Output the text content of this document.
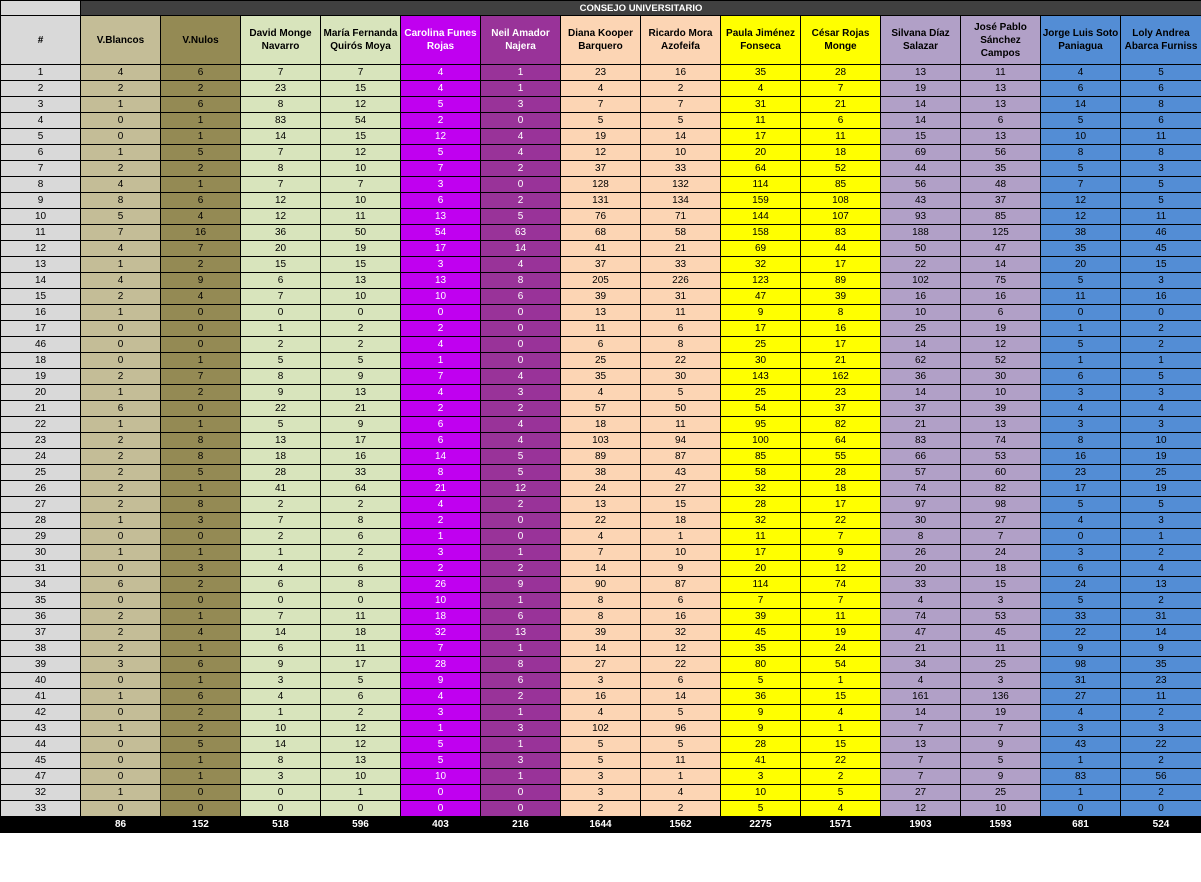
	CONSEJO UNIVERSITARIO													
#	V.Blancos	V.Nulos	David Monge Navarro	María Fernanda Quirós Moya	Carolina Funes Rojas	Neil Amador Najera	Diana Kooper Barquero	Ricardo Mora Azofeifa	Paula Jiménez Fonseca	César Rojas Monge	Silvana Díaz Salazar	José Pablo Sánchez Campos	Jorge Luis Soto Paniagua	Loly Andrea Abarca Furniss
1	4	6	7	7	4	1	23	16	35	28	13	11	4	5
2	2	2	23	15	4	1	4	2	4	7	19	13	6	6
3	1	6	8	12	5	3	7	7	31	21	14	13	14	8
4	0	1	83	54	2	0	5	5	11	6	14	6	5	6
5	0	1	14	15	12	4	19	14	17	11	15	13	10	11
6	1	5	7	12	5	4	12	10	20	18	69	56	8	8
7	2	2	8	10	7	2	37	33	64	52	44	35	5	3
8	4	1	7	7	3	0	128	132	114	85	56	48	7	5
9	8	6	12	10	6	2	131	134	159	108	43	37	12	5
10	5	4	12	11	13	5	76	71	144	107	93	85	12	11
11	7	16	36	50	54	63	68	58	158	83	188	125	38	46
12	4	7	20	19	17	14	41	21	69	44	50	47	35	45
13	1	2	15	15	3	4	37	33	32	17	22	14	20	15
14	4	9	6	13	13	8	205	226	123	89	102	75	5	3
15	2	4	7	10	10	6	39	31	47	39	16	16	11	16
16	1	0	0	0	0	0	13	11	9	8	10	6	0	0
17	0	0	1	2	2	0	11	6	17	16	25	19	1	2
46	0	0	2	2	4	0	6	8	25	17	14	12	5	2
18	0	1	5	5	1	0	25	22	30	21	62	52	1	1
19	2	7	8	9	7	4	35	30	143	162	36	30	6	5
20	1	2	9	13	4	3	4	5	25	23	14	10	3	3
21	6	0	22	21	2	2	57	50	54	37	37	39	4	4
22	1	1	5	9	6	4	18	11	95	82	21	13	3	3
23	2	8	13	17	6	4	103	94	100	64	83	74	8	10
24	2	8	18	16	14	5	89	87	85	55	66	53	16	19
25	2	5	28	33	8	5	38	43	58	28	57	60	23	25
26	2	1	41	64	21	12	24	27	32	18	74	82	17	19
27	2	8	2	2	4	2	13	15	28	17	97	98	5	5
28	1	3	7	8	2	0	22	18	32	22	30	27	4	3
29	0	0	2	6	1	0	4	1	11	7	8	7	0	1
30	1	1	1	2	3	1	7	10	17	9	26	24	3	2
31	0	3	4	6	2	2	14	9	20	12	20	18	6	4
34	6	2	6	8	26	9	90	87	114	74	33	15	24	13
35	0	0	0	0	10	1	8	6	7	7	4	3	5	2
36	2	1	7	11	18	6	8	16	39	11	74	53	33	31
37	2	4	14	18	32	13	39	32	45	19	47	45	22	14
38	2	1	6	11	7	1	14	12	35	24	21	11	9	9
39	3	6	9	17	28	8	27	22	80	54	34	25	98	35
40	0	1	3	5	9	6	3	6	5	1	4	3	31	23
41	1	6	4	6	4	2	16	14	36	15	161	136	27	11
42	0	2	1	2	3	1	4	5	9	4	14	19	4	2
43	1	2	10	12	1	3	102	96	9	1	7	7	3	3
44	0	5	14	12	5	1	5	5	28	15	13	9	43	22
45	0	1	8	13	5	3	5	11	41	22	7	5	1	2
47	0	1	3	10	10	1	3	1	3	2	7	9	83	56
32	1	0	0	1	0	0	3	4	10	5	27	25	1	2
33	0	0	0	0	0	0	2	2	5	4	12	10	0	0
	86	152	518	596	403	216	1644	1562	2275	1571	1903	1593	681	524
